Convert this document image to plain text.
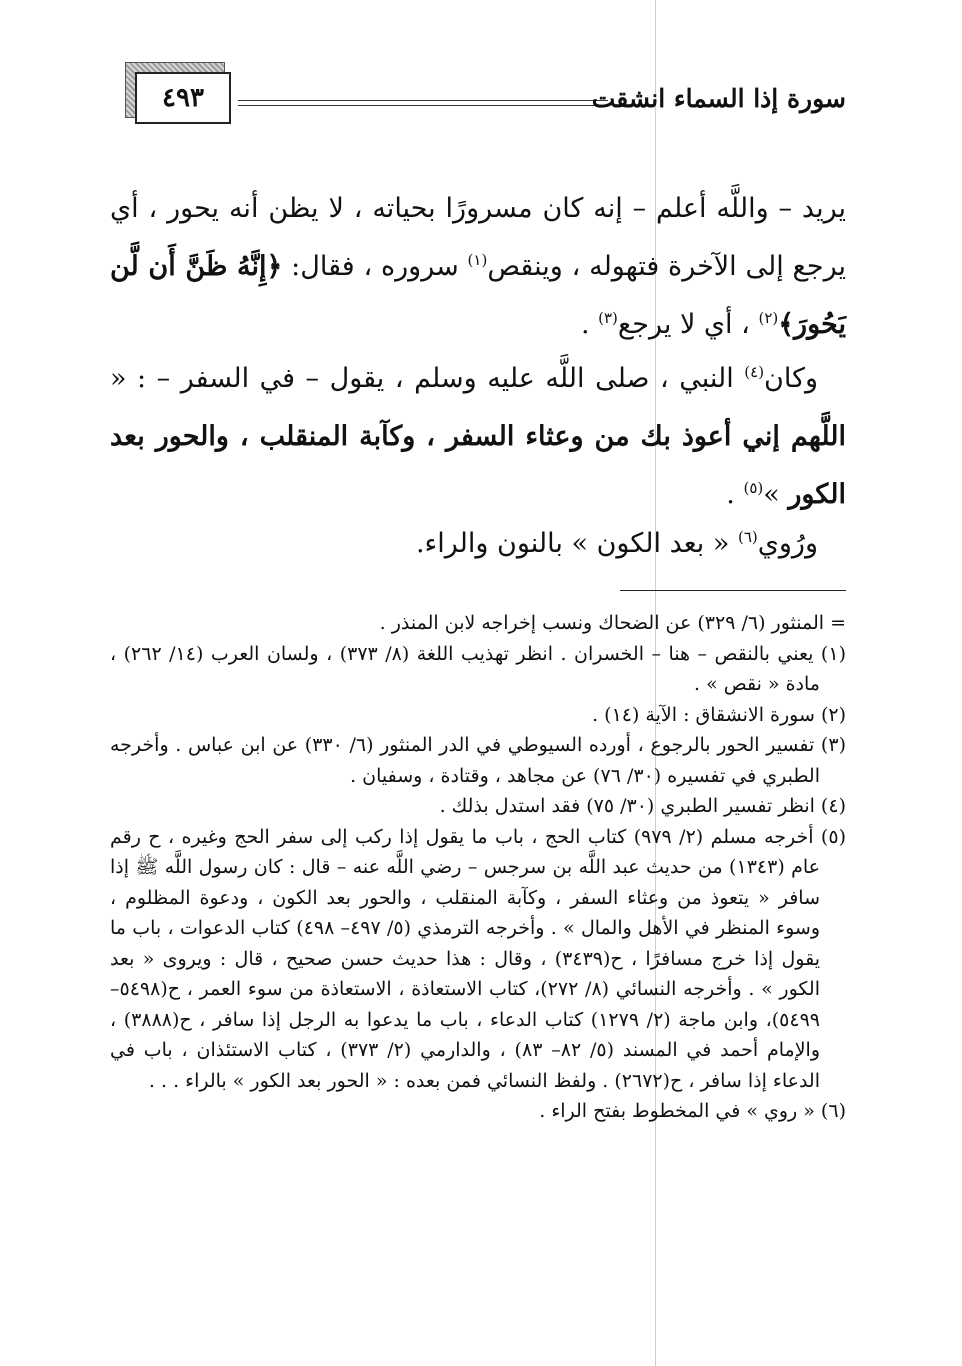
٤٩٣	سورة إذا السماء انشقت

يريد – واللَّه أعلم – إنه كان مسرورًا بحياته ، لا يظن أنه يحور ، أي يرجع إلى الآخرة فتهوله ، وينقص$^{(١)}$ سروره ، فقال: ﴿إِنَّهُ ظَنَّ أَن لَّن يَحُورَ﴾$^{(٢)}$ ، أي لا يرجع$^{(٣)}$ .

وكان$^{(٤)}$ النبي ، صلى اللَّه عليه وسلم ، يقول – في السفر – : « اللَّهم إني أعوذ بك من وعثاء السفر ، وكآبة المنقلب ، والحور بعد الكور »$^{(٥)}$ .

ورُوي$^{(٦)}$ « بعد الكون » بالنون والراء.

= المنثور (٦/ ٣٢٩) عن الضحاك ونسب إخراجه لابن المنذر .

(١) يعني بالنقص – هنا – الخسران . انظر تهذيب اللغة (٨/ ٣٧٣) ، ولسان العرب (١٤/ ٢٦٢) ، مادة « نقص » .

(٢) سورة الانشقاق : الآية (١٤) .

(٣) تفسير الحور بالرجوع ، أورده السيوطي في الدر المنثور (٦/ ٣٣٠) عن ابن عباس . وأخرجه الطبري في تفسيره (٣٠/ ٧٦) عن مجاهد ، وقتادة ، وسفيان .

(٤) انظر تفسير الطبري (٣٠/ ٧٥) فقد استدل بذلك .

(٥) أخرجه مسلم (٢/ ٩٧٩) كتاب الحج ، باب ما يقول إذا ركب إلى سفر الحج وغيره ، ح رقم عام (١٣٤٣) من حديث عبد اللَّه بن سرجس – رضي اللَّه عنه – قال : كان رسول اللَّه ﷺ إذا سافر « يتعوذ من وعثاء السفر ، وكآبة المنقلب ، والحور بعد الكون ، ودعوة المظلوم ، وسوء المنظر في الأهل والمال » . وأخرجه الترمذي (٥/ ٤٩٧– ٤٩٨) كتاب الدعوات ، باب ما يقول إذا خرج مسافرًا ، ح(٣٤٣٩) ، وقال : هذا حديث حسن صحيح ، قال : ويروى « بعد الكور » . وأخرجه النسائي (٨/ ٢٧٢)، كتاب الاستعاذة ، الاستعاذة من سوء العمر ، ح(٥٤٩٨– ٥٤٩٩)، وابن ماجة (٢/ ١٢٧٩) كتاب الدعاء ، باب ما يدعوا به الرجل إذا سافر ، ح(٣٨٨٨) ، والإمام أحمد في المسند (٥/ ٨٢– ٨٣) ، والدارمي (٢/ ٣٧٣) ، كتاب الاستئذان ، باب في الدعاء إذا سافر ، ح(٢٦٧٢) . ولفظ النسائي فمن بعده : « الحور بعد الكور » بالراء . . .

(٦) « روي » في المخطوط بفتح الراء .
